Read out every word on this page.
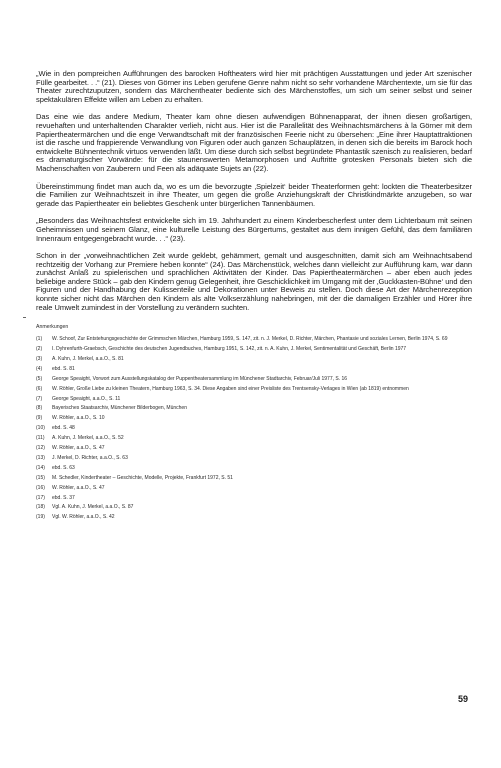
„Wie in den pompreichen Aufführungen des barocken Hoftheaters wird hier mit prächtigen Ausstattungen und jeder Art szenischer Fülle gearbeitet. . .“ (21). Dieses von Görner ins Leben gerufene Genre nahm nicht so sehr vorhandene Märchentexte, um sie für das Theater zurechtzuputzen, sondern das Märchentheater bediente sich des Märchenstoffes, um sich um seiner selbst und seiner spektakulären Effekte willen am Leben zu erhalten.

Das eine wie das andere Medium, Theater kam ohne diesen aufwendigen Bühnenapparat, der ihnen diesen großartigen, revuehaften und unterhaltenden Charakter verlieh, nicht aus. Hier ist die Parallelität des Weihnachtsmärchens à la Görner mit dem Papiertheatermärchen und die enge Verwandtschaft mit der französischen Feerie nicht zu übersehen: „Eine ihrer Hauptattraktionen ist die rasche und frappierende Verwandlung von Figuren oder auch ganzen Schauplätzen, in denen sich die bereits im Barock hoch entwickelte Bühnentechnik virtuos verwenden läßt. Um diese durch sich selbst begründete Phantastik szenisch zu realisieren, bedarf es dramaturgischer Vorwände: für die staunenswerten Metamorphosen und Auftritte grotesken Personals bieten sich die Machenschaften von Zauberern und Feen als adäquate Sujets an (22).

Übereinstimmung findet man auch da, wo es um die bevorzugte ‚Spielzeit‘ beider Theaterformen geht: lockten die Theaterbesitzer die Familien zur Weihnachtszeit in ihre Theater, um gegen die große Anziehungskraft der Christkindmärkte anzugeben, so war gerade das Papiertheater ein beliebtes Geschenk unter bürgerlichen Tannenbäumen.

„Besonders das Weihnachtsfest entwickelte sich im 19. Jahrhundert zu einem Kinderbescherfest unter dem Lichterbaum mit seinen Geheimnissen und seinem Glanz, eine kulturelle Leistung des Bürgertums, gestaltet aus dem innigen Gefühl, das dem familiären Innenraum entgegengebracht wurde. . .“ (23).

Schon in der „vorweihnachtlichen Zeit wurde geklebt, gehämmert, gemalt und ausgeschnitten, damit sich am Weihnachtsabend rechtzeitig der Vorhang zur Premiere heben konnte“ (24). Das Märchenstück, welches dann vielleicht zur Aufführung kam, war dann zunächst Anlaß zu spielerischen und sprachlichen Aktivitäten der Kinder. Das Papiertheatermärchen – aber eben auch jedes beliebige andere Stück – gab den Kindern genug Gelegenheit, ihre Geschicklichkeit im Umgang mit der ‚Guckkasten-Bühne‘ und den Figuren und der Handhabung der Kulissenteile und Dekorationen unter Beweis zu stellen. Doch diese Art der Märchenrezeption konnte sicher nicht das Märchen den Kindern als alte Volkserzählung nahebringen, mit der die damaligen Erzähler und Hörer ihre reale Umwelt zumindest in der Vorstellung zu verändern suchten.

Anmerkungen
(1)	W. Schoof, Zur Entstehungsgeschichte der Grimmschen Märchen, Hamburg 1959, S. 147, zit. n. J. Merkel, D. Richter, Märchen, Phantasie und soziales Lernen, Berlin 1974, S. 69
(2)	I. Dyhrenfurth-Graebsch, Geschichte des deutschen Jugendbuches, Hamburg 1951, S. 142, zit. n. A. Kuhn, J. Merkel, Sentimentalität und Geschäft, Berlin 1977
(3)	A. Kuhn, J. Merkel, a.a.O., S. 81
(4)	ebd. S. 81
(5)	George Speaight, Vorwort zum Ausstellungskatalog der Puppentheatersammlung im Münchener Stadtarchiv, Februar/Juli 1977, S. 16
(6)	W. Röhler, Große Liebe zu kleinen Theatern, Hamburg 1963, S. 34. Diese Angaben sind einer Preisliste des Trentsensky-Verlages in Wien (ab 1819) entnommen
(7)	George Speaight, a.a.O., S. 11
(8)	Bayerisches Staatsarchiv, Münchener Bilderbogen, München
(9)	W. Röhler, a.a.O., S. 10
(10)	ebd. S. 48
(11)	A. Kuhn, J. Merkel, a.a.O., S. 52
(12)	W. Röhler, a.a.O., S. 47
(13)	J. Merkel, D. Richter, a.a.O., S. 63
(14)	ebd. S. 63
(15)	M. Schedler, Kindertheater – Geschichte, Modelle, Projekte, Frankfurt 1972, S. 51
(16)	W. Röhler, a.a.O., S. 47
(17)	ebd. S. 37
(18)	Vgl. A. Kuhn, J. Merkel, a.a.O., S. 87
(19)	Vgl. W. Röhler, a.a.O., S. 42
59
